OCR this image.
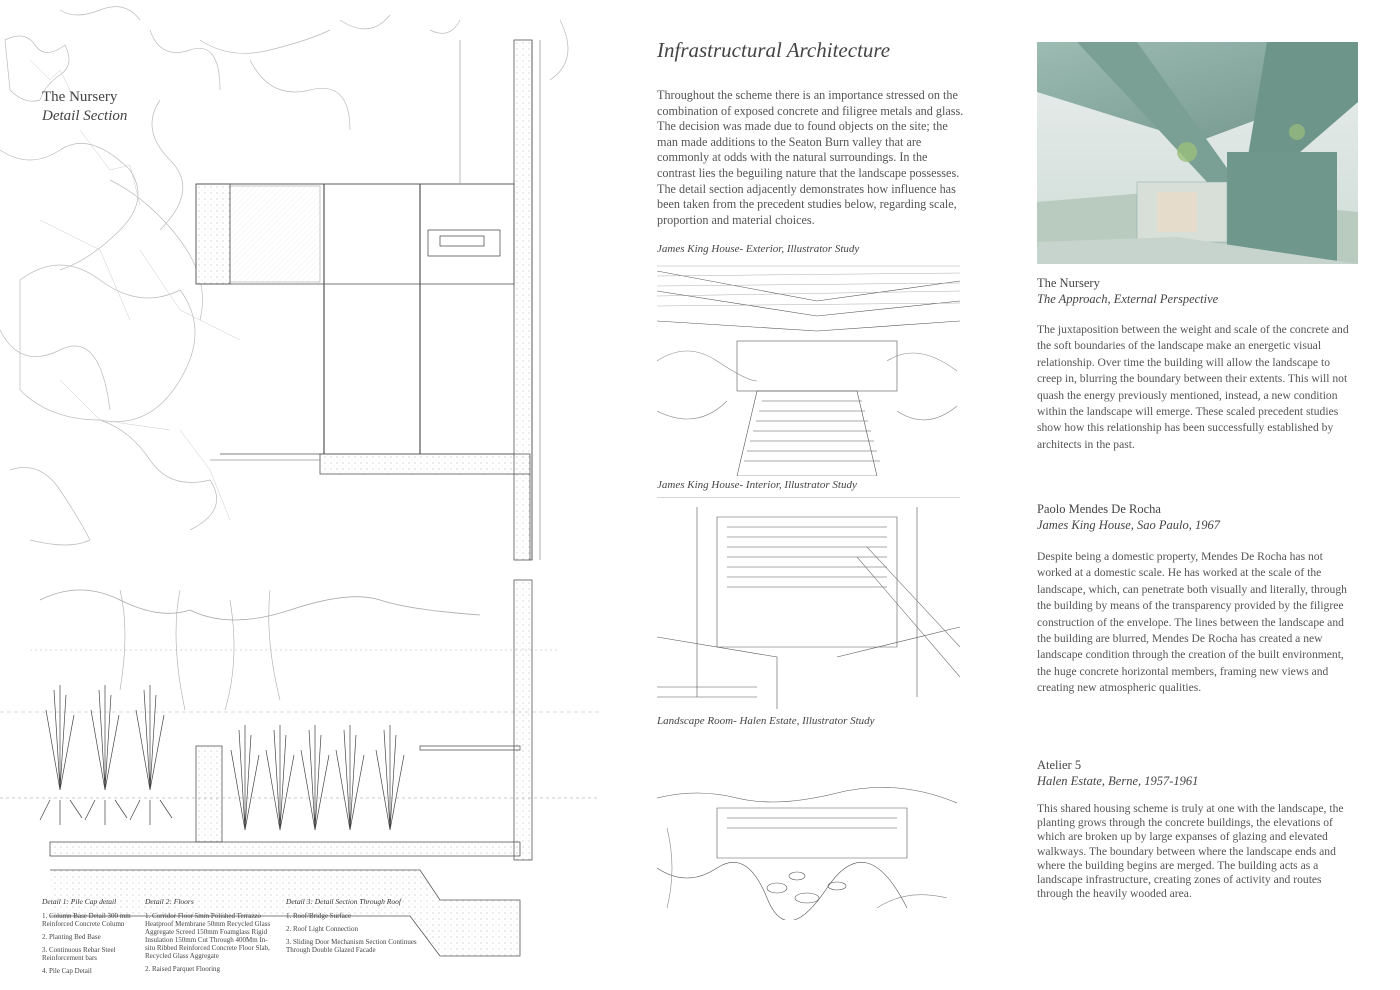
The Nursery
Detail Section
Detail 1: Pile Cap detail
1. Column Base Detail 300 mm Reinforced Concrete Column
2. Planting Bed Base
3. Continuous Rebar Steel Reinforcement bars
4. Pile Cap Detail
Detail 2: Floors
1. Corridor Floor 5mm Polished Terrazzo Heatproof Membrane 50mm Recycled Glass Aggregate Screed 150mm Foamglass Rigid Insulation 150mm Cut Through 400Mm In-situ Ribbed Reinforced Concrete Floor Slab, Recycled Glass Aggregate
2. Raised Parquet Flooring
Detail 3: Detail Section Through Roof
1. Roof/Bridge Surface
2. Roof Light Connection
3. Sliding Door Mechanism Section Continues Through Double Glazed Facade
Infrastructural Architecture
Throughout the scheme there is an importance stressed on the combination of exposed concrete and filigree metals and glass. The decision was made due to found objects on the site; the man made additions to the Seaton Burn valley that are commonly at odds with the natural surroundings. In the contrast lies the beguiling nature that the landscape possesses. The detail section adjacently demonstrates how influence has been taken from the precedent studies below, regarding scale, proportion and material choices.
James King House- Exterior, Illustrator Study
James King House- Interior, Illustrator Study
Landscape Room- Halen Estate, Illustrator Study
The Nursery
The Approach, External Perspective
The juxtaposition between the weight and scale of the concrete and the soft boundaries of the landscape make an energetic visual relationship. Over time the building will allow the landscape to creep in, blurring the boundary between their extents. This will not quash the energy previously mentioned, instead, a new condition within the landscape will emerge. These scaled precedent studies show how this relationship has been successfully established by architects in the past.
Paolo Mendes De Rocha
James King House, Sao Paulo, 1967
Despite being a domestic property, Mendes De Rocha has not worked at a domestic scale. He has worked at the scale of the landscape, which, can penetrate both visually and literally, through the building by means of the transparency provided by the filigree construction of the envelope. The lines between the landscape and the building are blurred, Mendes De Rocha has created a new landscape condition through the creation of the built environment, the huge concrete horizontal members, framing new views and creating new atmospheric qualities.
Atelier 5
Halen Estate, Berne, 1957-1961
This shared housing scheme is truly at one with the landscape, the planting grows through the concrete buildings, the elevations of which are broken up by large expanses of glazing and elevated walkways. The boundary between where the landscape ends and where the building begins are merged. The building acts as a landscape infrastructure, creating zones of activity and routes through the heavily wooded area.
